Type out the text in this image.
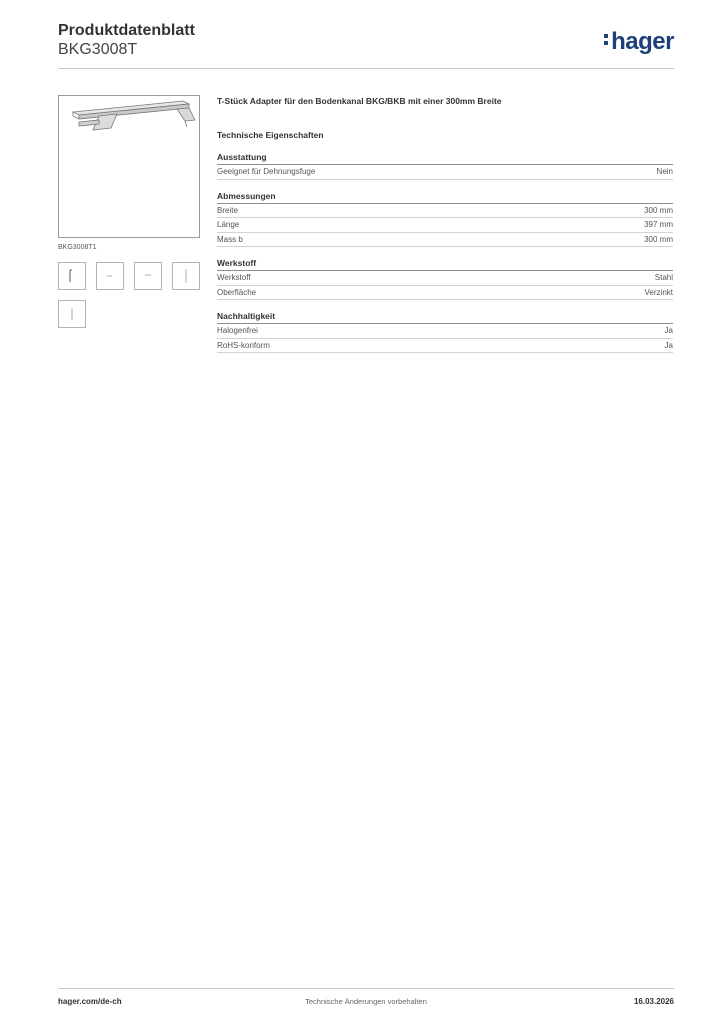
Produktdatenblatt
BKG3008T	hager
BKG3008T1
T-Stück Adapter für den Bodenkanal BKG/BKB mit einer 300mm Breite
Technische Eigenschaften
Ausstattung
Geeignet für Dehnungsfuge	Nein
Abmessungen
Breite	300 mm
Länge	397 mm
Mass b	300 mm
Werkstoff
Werkstoff	Stahl
Oberfläche	Verzinkt
Nachhaltigkeit
Halogenfrei	Ja
RoHS-konform	Ja
hager.com/de-ch	Technische Änderungen vorbehalten	16.03.2026
